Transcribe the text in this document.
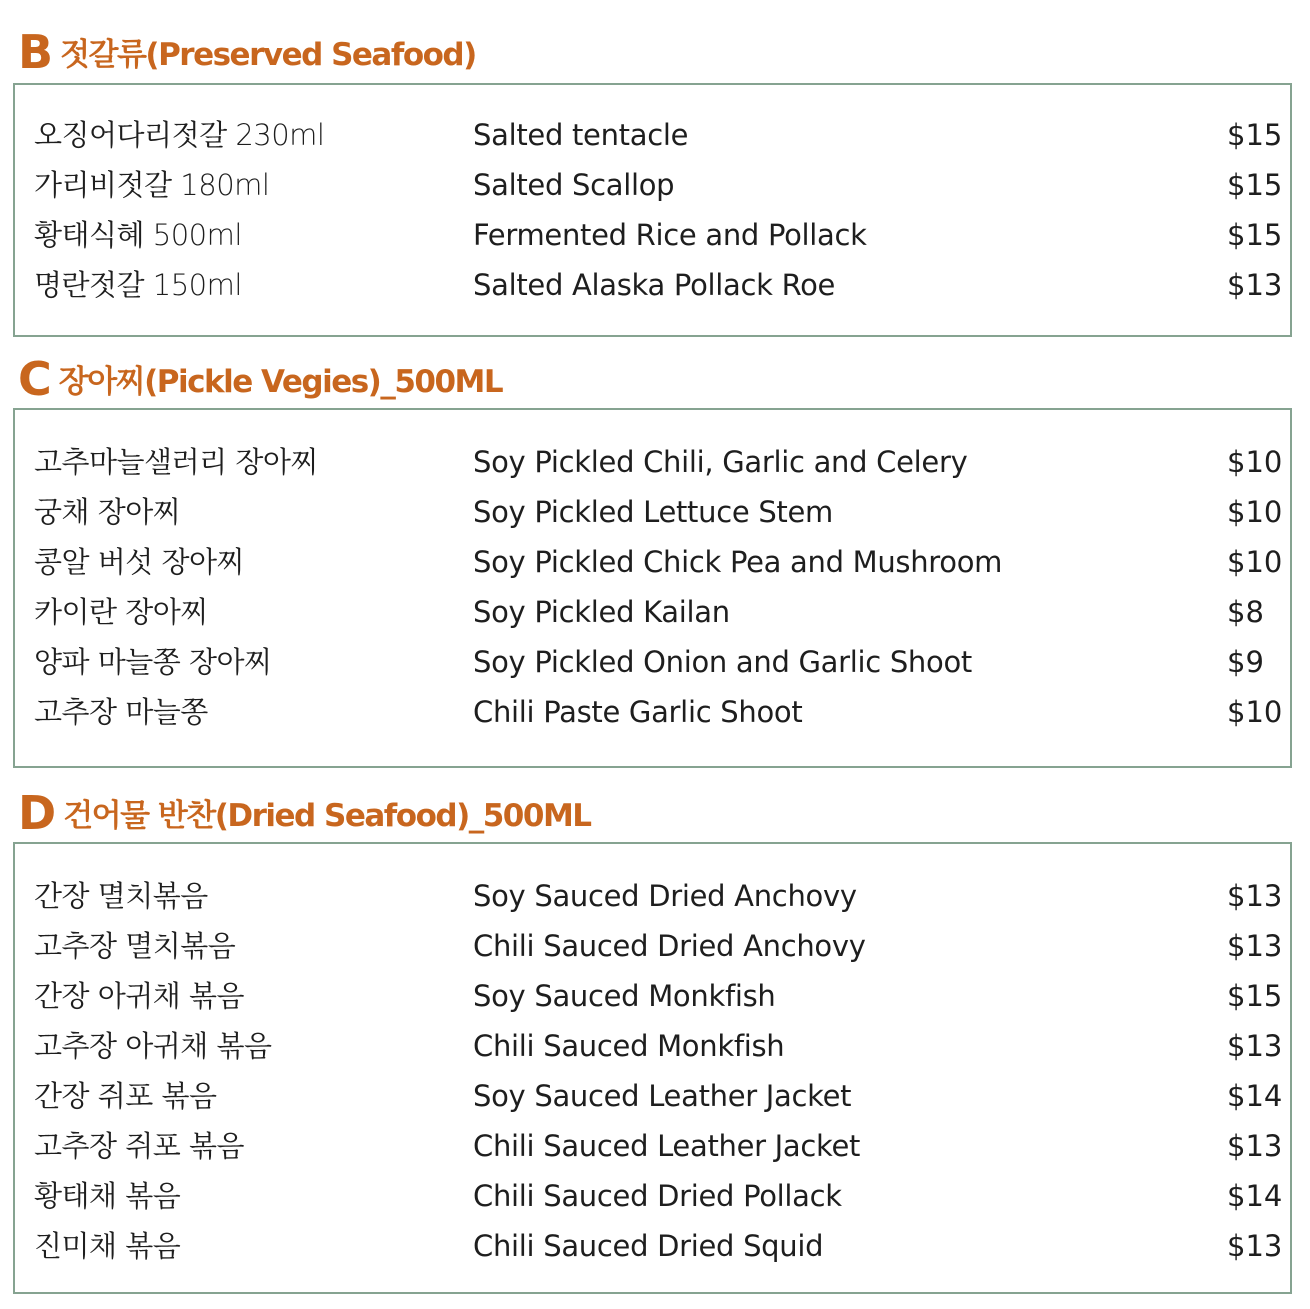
B 젓갈류(Preserved Seafood)
오징어다리젓갈 230ml	Salted tentacle	$15
가리비젓갈 180ml	Salted Scallop	$15
황태식혜 500ml	Fermented Rice and Pollack	$15
명란젓갈 150ml	Salted Alaska Pollack Roe	$13
C 장아찌(Pickle Vegies)_500ML
고추마늘샐러리 장아찌	Soy Pickled Chili, Garlic and Celery	$10
궁채 장아찌	Soy Pickled Lettuce Stem	$10
콩알 버섯 장아찌	Soy Pickled Chick Pea and Mushroom	$10
카이란 장아찌	Soy Pickled Kailan	$8
양파 마늘쫑 장아찌	Soy Pickled Onion and Garlic Shoot	$9
고추장 마늘쫑	Chili Paste Garlic Shoot	$10
D 건어물 반찬(Dried Seafood)_500ML
간장 멸치볶음	Soy Sauced Dried Anchovy	$13
고추장 멸치볶음	Chili Sauced Dried Anchovy	$13
간장 아귀채 볶음	Soy Sauced Monkfish	$15
고추장 아귀채 볶음	Chili Sauced Monkfish	$13
간장 쥐포 볶음	Soy Sauced Leather Jacket	$14
고추장 쥐포 볶음	Chili Sauced Leather Jacket	$13
황태채 볶음	Chili Sauced Dried Pollack	$14
진미채 볶음	Chili Sauced Dried Squid	$13
